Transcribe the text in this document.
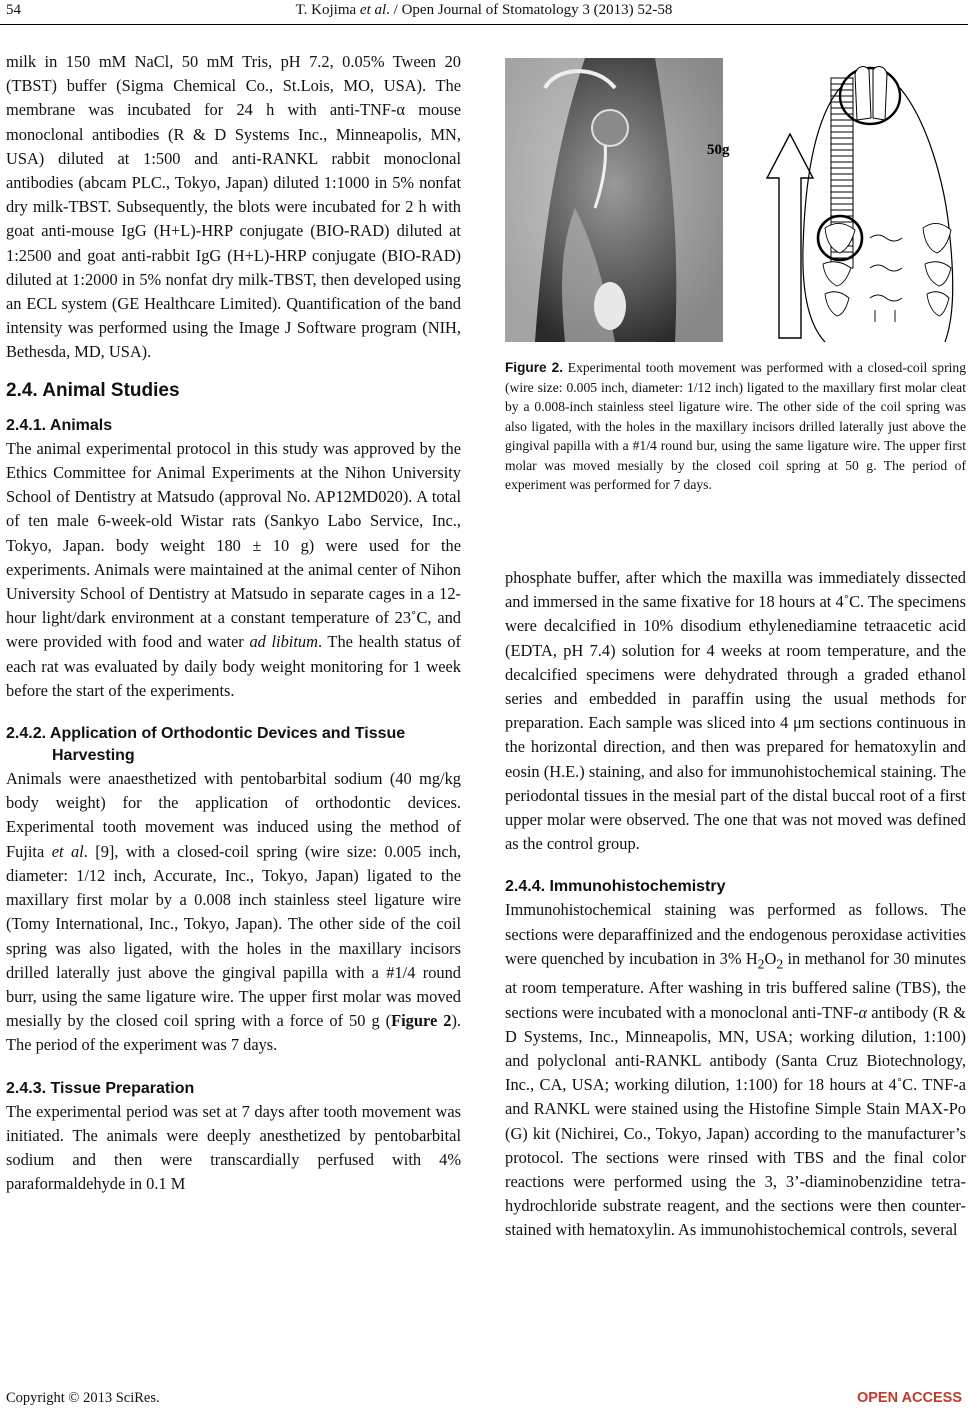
54	T. Kojima et al. / Open Journal of Stomatology 3 (2013) 52-58

milk in 150 mM NaCl, 50 mM Tris, pH 7.2, 0.05% Tween 20 (TBST) buffer (Sigma Chemical Co., St.Lois, MO, USA). The membrane was incubated for 24 h with anti-TNF-α mouse monoclonal antibodies (R & D Systems Inc., Minneapolis, MN, USA) diluted at 1:500 and anti-RANKL rabbit monoclonal antibodies (abcam PLC., Tokyo, Japan) diluted 1:1000 in 5% nonfat dry milk-TBST. Subsequently, the blots were incubated for 2 h with goat anti-mouse IgG (H+L)-HRP conjugate (BIO-RAD) diluted at 1:2500 and goat anti-rabbit IgG (H+L)-HRP conjugate (BIO-RAD) diluted at 1:2000 in 5% nonfat dry milk-TBST, then developed using an ECL system (GE Healthcare Limited). Quantification of the band intensity was performed using the Image J Software program (NIH, Bethesda, MD, USA).

2.4. Animal Studies
2.4.1. Animals

The animal experimental protocol in this study was approved by the Ethics Committee for Animal Experiments at the Nihon University School of Dentistry at Matsudo (approval No. AP12MD020). A total of ten male 6-week-old Wistar rats (Sankyo Labo Service, Inc., Tokyo, Japan. body weight 180 ± 10 g) were used for the experiments. Animals were maintained at the animal center of Nihon University School of Dentistry at Matsudo in separate cages in a 12-hour light/dark environment at a constant temperature of 23˚C, and were provided with food and water ad libitum. The health status of each rat was evaluated by daily body weight monitoring for 1 week before the start of the experiments.

2.4.2. Application of Orthodontic Devices and Tissue
Harvesting

Animals were anaesthetized with pentobarbital sodium (40 mg/kg body weight) for the application of orthodontic devices. Experimental tooth movement was induced using the method of Fujita et al. [9], with a closed-coil spring (wire size: 0.005 inch, diameter: 1/12 inch, Accurate, Inc., Tokyo, Japan) ligated to the maxillary first molar by a 0.008 inch stainless steel ligature wire (Tomy International, Inc., Tokyo, Japan). The other side of the coil spring was also ligated, with the holes in the maxillary incisors drilled laterally just above the gingival papilla with a #1/4 round burr, using the same ligature wire. The upper first molar was moved mesially by the closed coil spring with a force of 50 g (Figure 2). The period of the experiment was 7 days.

2.4.3. Tissue Preparation

The experimental period was set at 7 days after tooth movement was initiated. The animals were deeply anesthetized by pentobarbital sodium and then were transcardially perfused with 4% paraformaldehyde in 0.1 M

50g
Figure 2. Experimental tooth movement was performed with a closed-coil spring (wire size: 0.005 inch, diameter: 1/12 inch) ligated to the maxillary first molar cleat by a 0.008-inch stainless steel ligature wire. The other side of the coil spring was also ligated, with the holes in the maxillary incisors drilled laterally just above the gingival papilla with a #1/4 round bur, using the same ligature wire. The upper first molar was moved mesially by the closed coil spring at 50 g. The period of experiment was performed for 7 days.

phosphate buffer, after which the maxilla was immediately dissected and immersed in the same fixative for 18 hours at 4˚C. The specimens were decalcified in 10% disodium ethylenediamine tetraacetic acid (EDTA, pH 7.4) solution for 4 weeks at room temperature, and the decalcified specimens were dehydrated through a graded ethanol series and embedded in paraffin using the usual methods for preparation. Each sample was sliced into 4 μm sections continuous in the horizontal direction, and then was prepared for hematoxylin and eosin (H.E.) staining, and also for immunohistochemical staining. The periodontal tissues in the mesial part of the distal buccal root of a first upper molar were observed. The one that was not moved was defined as the control group.

2.4.4. Immunohistochemistry

Immunohistochemical staining was performed as follows. The sections were deparaffinized and the endogenous peroxidase activities were quenched by incubation in 3% $H_2O_2$ in methanol for 30 minutes at room temperature. After washing in tris buffered saline (TBS), the sections were incubated with a monoclonal anti-TNF-α antibody (R & D Systems, Inc., Minneapolis, MN, USA; working dilution, 1:100) and polyclonal anti-RANKL antibody (Santa Cruz Biotechnology, Inc., CA, USA; working dilution, 1:100) for 18 hours at 4˚C. TNF-a and RANKL were stained using the Histofine Simple Stain MAX-Po (G) kit (Nichirei, Co., Tokyo, Japan) according to the manufacturer’s protocol. The sections were rinsed with TBS and the final color reactions were performed using the 3, 3’-diaminobenzidine tetra-hydrochloride substrate reagent, and the sections were then counter-stained with hematoxylin. As immunohistochemical controls, several

Copyright © 2013 SciRes.	OPEN ACCESS
